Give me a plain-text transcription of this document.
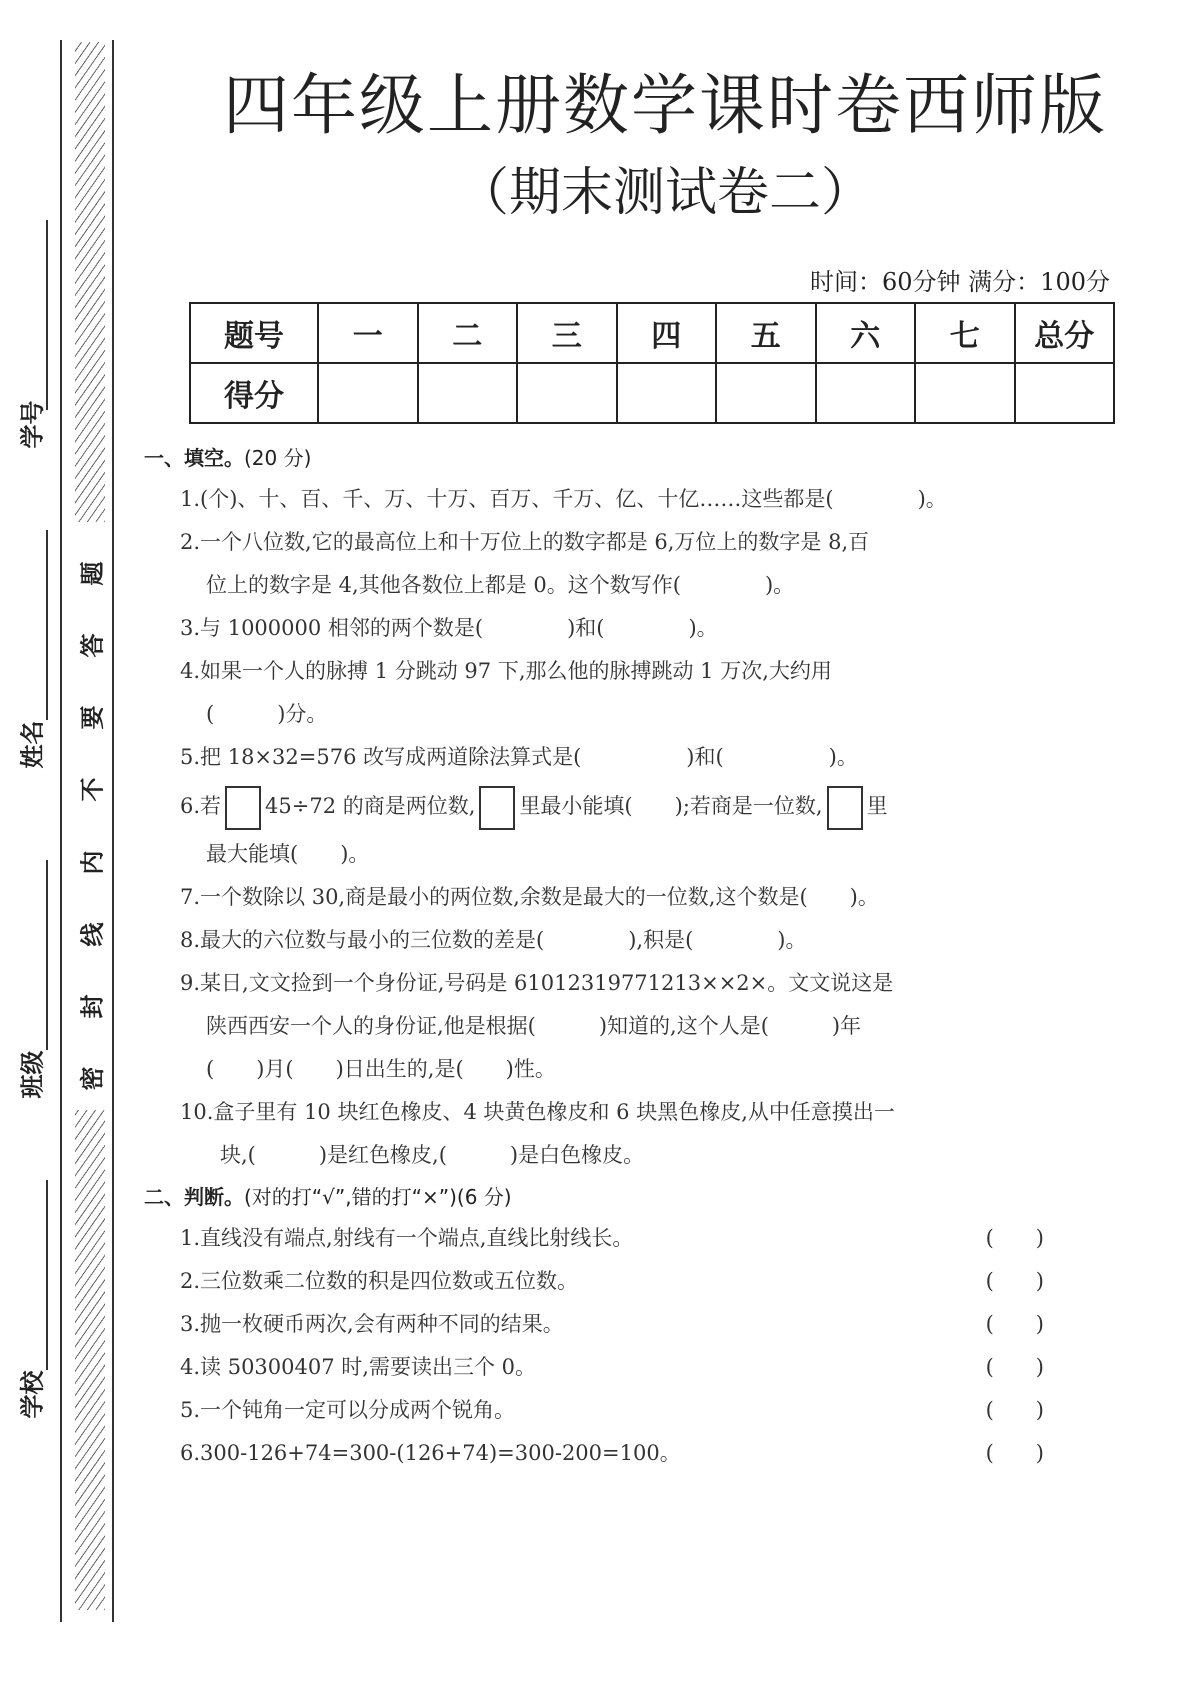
学号
姓名
班级
学校
题
答
要
不
内
线
封
密
四年级上册数学课时卷西师版
（期末测试卷二）
时间：60分钟 满分：100分
题号	一	二	三	四	五	六	七	总分
得分								
一、填空。(20 分)

1.(个)、十、百、千、万、十万、百万、千万、亿、十亿……这些都是(　　　　)。

2.一个八位数,它的最高位上和十万位上的数字都是 6,万位上的数字是 8,百

位上的数字是 4,其他各数位上都是 0。这个数写作(　　　　)。

3.与 1000000 相邻的两个数是(　　　　)和(　　　　)。

4.如果一个人的脉搏 1 分跳动 97 下,那么他的脉搏跳动 1 万次,大约用

(　　　)分。

5.把 18×32=576 改写成两道除法算式是(　　　　　)和(　　　　　)。

6.若 45÷72 的商是两位数, 里最小能填(　　);若商是一位数, 里

最大能填(　　)。

7.一个数除以 30,商是最小的两位数,余数是最大的一位数,这个数是(　　)。

8.最大的六位数与最小的三位数的差是(　　　　),积是(　　　　)。

9.某日,文文捡到一个身份证,号码是 61012319771213××2×。文文说这是

陕西西安一个人的身份证,他是根据(　　　)知道的,这个人是(　　　)年

(　　)月(　　)日出生的,是(　　)性。

10.盒子里有 10 块红色橡皮、4 块黄色橡皮和 6 块黑色橡皮,从中任意摸出一

块,(　　　)是红色橡皮,(　　　)是白色橡皮。

二、判断。(对的打“√”,错的打“×”)(6 分)
1.直线没有端点,射线有一个端点,直线比射线长。	(　　)
2.三位数乘二位数的积是四位数或五位数。	(　　)
3.抛一枚硬币两次,会有两种不同的结果。	(　　)
4.读 50300407 时,需要读出三个 0。	(　　)
5.一个钝角一定可以分成两个锐角。	(　　)
6.300-126+74=300-(126+74)=300-200=100。	(　　)
